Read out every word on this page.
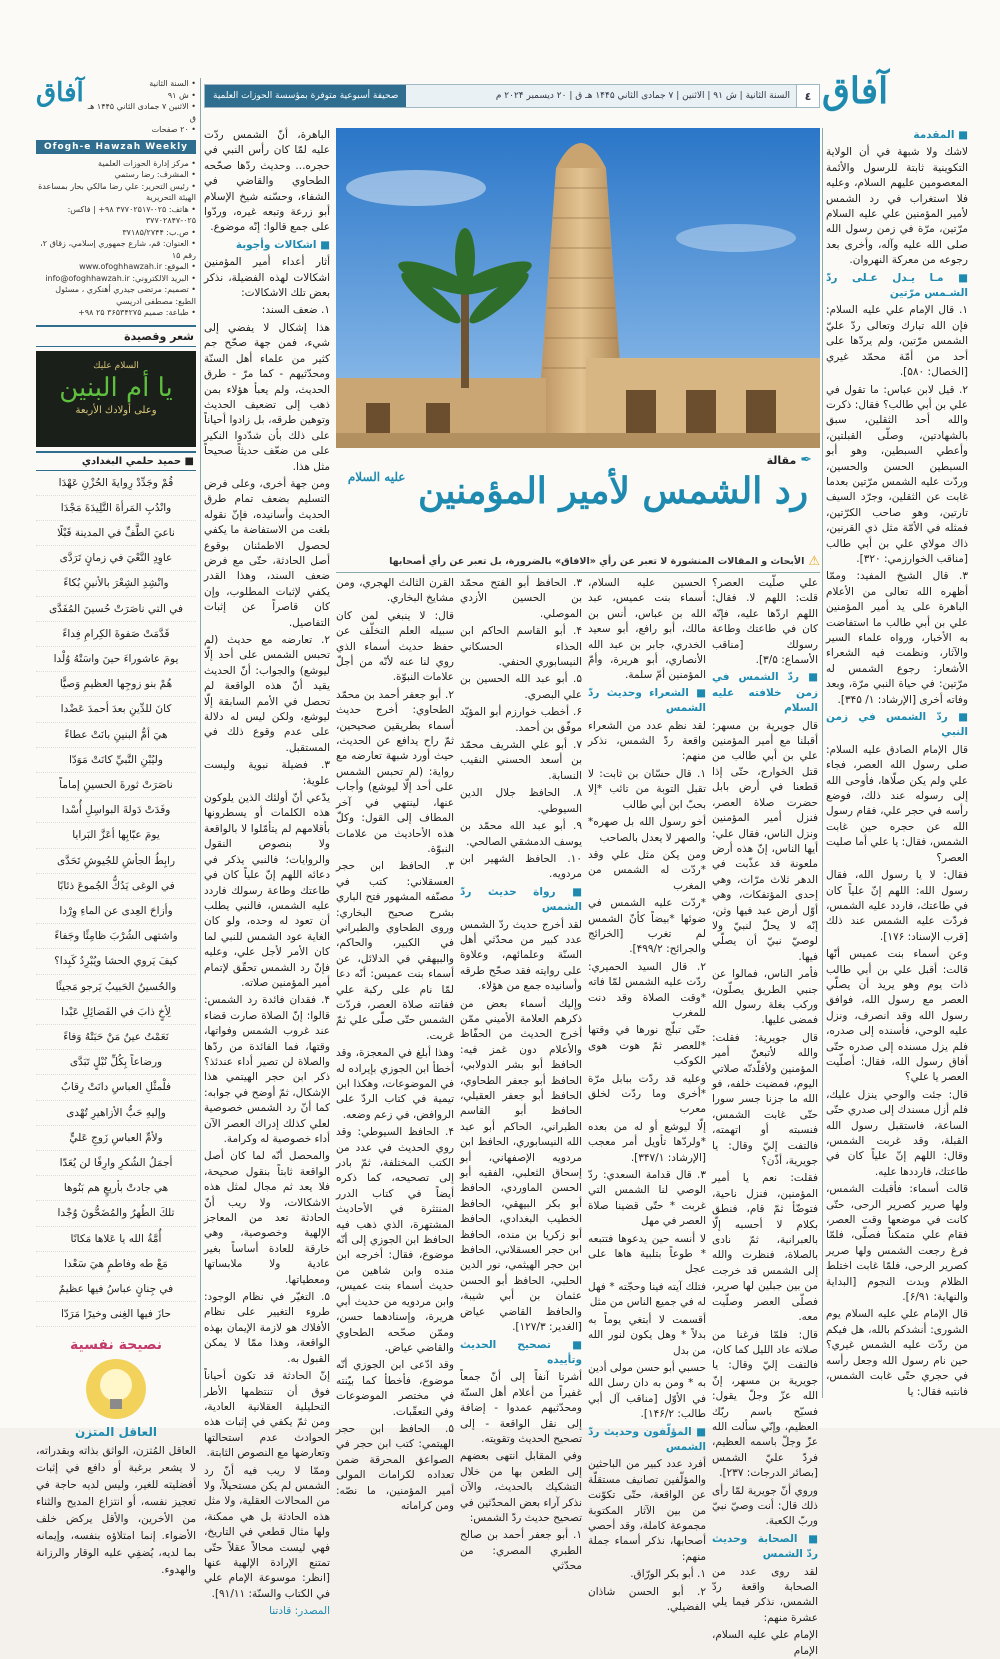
٤
السنة الثانية | ش ۹۱ | الاثنين | ۷ جمادى الثاني ۱۴۴۵ هـ ق | ۲۰ دیسمبر ۲۰۲۴ م
صحيفة أسبوعية متوفرة بمؤسسة الحوزات العلمية	آفاق

■ المقدمة

لاشك ولا شبهة في أن الولاية التكوينية ثابتة للرسول والأئمة المعصومين عليهم السلام، وعليه فلا استغراب في رد الشمس لأمير المؤمنين علي عليه السلام مرّتين، مرّة في زمن رسول الله صلى الله عليه وآله، وأخرى بعد رجوعه من معركة النهروان.

■ مـا يـدل عـلى ردّ الشـمس مرّتين

۱. قال الإمام علي عليه السلام: فإن الله تبارك وتعالى ردّ عليّ الشمس مرّتين، ولم يردّها على أحد من أمّة محمّد غيري [الخصال: ۵۸۰].

۲. قيل لابن عباس: ما تقول في علي بن أبي طالب؟ فقال: ذكرت والله أحد الثقلين، سبق بالشهادتين، وصلّى القبلتين، وأعطي السبطين، وهو أبو السبطين الحسن والحسين، وردّت عليه الشمس مرّتين بعدما غابت عن الثقلين، وجرّد السيف تارتين، وهو صاحب الكرّتين، فمثله في الأمّة مثل ذي القرنين، ذاك مولاي علي بن أبي طالب [مناقب الخوارزمي: ۳۲۰].

۳. قال الشيخ المفيد: وممّا أظهره الله تعالى من الأعلام الباهرة على يد أمير المؤمنين علي بن أبي طالب ما استفاضت به الأخبار، ورواه علماء السير والآثار، ونظمت فيه الشعراء الأشعار: رجوع الشمس له مرّتين: في حياة النبي مرّة، وبعد وفاته أخرى [الإرشاد: ۱/ ۳۴۵].

■ ردّ الشمس في زمن النبي

قال الإمام الصادق عليه السلام: صلى رسول الله العصر، فجاء علي ولم يكن صلّاها، فأوحى الله إلى رسوله عند ذلك، فوضع رأسه في حجر علي، فقام رسول الله عن حجره حين غابت الشمس، فقال: يا علي أما صليت العصر؟

فقال: لا يا رسول الله، فقال رسول الله: اللهم إنّ علياً كان في طاعتك، فاردد عليه الشمس، فردّت عليه الشمس عند ذلك [قرب الإسناد: ۱۷۶].

وعن أسماء بنت عميس أنّها قالت: أقبل علي بن أبي طالب ذات يوم وهو يريد أن يصلّي العصر مع رسول الله، فوافق رسول الله وقد انصرف، ونزل عليه الوحي، فأسنده إلى صدره، فلم يزل مسنده إلى صدره حتّى أفاق رسول الله، فقال: أصلّيت العصر يا علي؟

قال: جئت والوحي ينزل عليك، فلم أزل مسندك إلى صدري حتّى الساعة، فاستقبل رسول الله القبلة، وقد غربت الشمس، وقال: اللهم إنّ علياً كان في طاعتك، فارددها عليه.

قالت أسماء: فأقبلت الشمس، ولها صرير كصرير الرحى، حتّى كانت في موضعها وقت العصر، فقام علي متمكناً فصلّى، فلمّا فرغ رجعت الشمس ولها صرير كصرير الرحى، فلمّا غابت اختلط الظلام وبدت النجوم [البداية والنهاية: ۶/۹۱].

قال الإمام علي عليه السلام يوم الشورى: أنشدكم بالله، هل فيكم من ردّت عليه الشمس غيري؟ حين نام رسول الله وجعل رأسه في حجري حتّى غابت الشمس، فانتبه فقال: يا

✒
مقالة
رد الشمس لأمير المؤمنين $^{عليه السلام}$
⚠
الأبحاث و المقالات المنشورة لا تعبر عن رأي «الافاق» بالضرورة، بل تعبر عن رأي أصحابها

علي صلّيت العصر؟ قلت: اللهم لا. فقال: اللهم اردّها عليه، فإنّه كان في طاعتك وطاعة رسولك [مناقب الأسماع: ۳/۵].

■ ردّ الشمس في زمن خلافته عليه السلام

قال جويرية بن مسهر: أقبلنا مع أمير المؤمنين علي بن أبي طالب من قتل الخوارج، حتّى إذا قطعنا في أرض بابل حضرت صلاة العصر، فنزل أمير المؤمنين ونزل الناس، فقال علي: أيها الناس، إنّ هذه أرض ملعونة قد عذّبت في الدهر ثلاث مرّات، وهي إحدى المؤتفكات، وهي أوّل أرض عبد فيها وثن، إنّه لا يحلّ لنبيّ ولا لوصيّ نبيّ أن يصلّي فيها.

فأمر الناس، فمالوا عن جنبي الطريق يصلّون، وركب بغلة رسول الله فمضى عليها.

قال جويرية: فقلت: والله لأتبعنّ أمير المؤمنين ولأقلّدنّه صلاتي اليوم، فمضيت خلفه، فو الله ما جزنا جسر سورا حتّى غابت الشمس، فنسبته أو اتهمته، فالتفت إليّ وقال: يا جويرية، أذّن؟

فقلت: نعم يا أمير المؤمنين، فنزل ناحية، فتوضّأ ثمّ قام، فنطق بكلام لا أحسبه إلّا بالعبرانية، ثمّ نادى بالصلاة، فنظرت والله إلى الشمس قد خرجت من بين جبلين لها صرير، فصلّى العصر وصلّيت معه.

قال: فلمّا فرغنا من صلاته عاد الليل كما كان، فالتفت إليّ وقال: يا جويرية بن مسهر، إنّ الله عزّ وجلّ يقول: فسبّح باسم ربّك العظيم، وإنّي سألت الله عزّ وجلّ باسمه العظيم، فردّ عليّ الشمس [بصائر الدرجات: ۲۳۷].

وروي أنّ جويرية لمّا رأى ذلك قال: أنت وصيّ نبيّ وربّ الكعبة.

■ الصحابة وحديث ردّ الشمس

لقد روى عدد من الصحابة واقعة ردّ الشمس، نذكر فيما يلي عشرة منهم:

الإمام علي عليه السلام، الإمام

الحسين عليه السلام، أسماء بنت عميس، عبد الله بن عباس، أنس بن مالك، أبو رافع، أبو سعيد الخدري، جابر بن عبد الله الأنصاري، أبو هريرة، وأمّ المؤمنين أمّ سلمة.

■ الشعراء وحديث ردّ الشمس

لقد نظم عدد من الشعراء واقعة ردّ الشمس، نذكر منهم:

۱. قال حسّان بن ثابت: لا تقبل التوبة من تائب *إلا بحبّ ابن أبي طالب

أخو رسول الله بل صهره* والصهر لا يعدل بالصاحب

ومن يكن مثل علي وقد *ردّت له الشمس من المغرب

*ردّت عليه الشمس في ضوئها *بيضاً كأنّ الشمس لم تغرب [الخرائج والجرائح: ۴۹۹/۲].

۲. قال السيد الحميري: ردّت عليه الشمس لمّا فاته *وقت الصلاة وقد دنت للمغرب

حتّى تبلّج نورها في وقتها *للعصر ثمّ هوت هوى الكوكب

وعليه قد ردّت ببابل مرّة *أخرى وما ردّت لخلق معرب

إلّا ليوشع أو له من بعده *ولردّها تأويل أمر معجب [الإرشاد: ۳۴۷/۱].

۳. قال قدامة السعدي: ردّ الوصي لنا الشمس التي غربت * حتّى قضينا صلاة العصر في مهل

لا أنسه حين يدعوها فتتبعه * طوعاً بتلبية هاها على عجل

فتلك آيته فينا وحجّته * فهل له في جميع الناس من مثل

أقسمت لا أبتغي يوماً به بدلاً * وهل يكون لنور الله من بدل

حسبي أبو حسن مولى أدين به * ومن به دان رسل الله في الأوّل [مناقب آل أبي طالب: ۱۴۶/۲].

■ المؤلّفون وحديث ردّ الشمس

أفرد عدد كبير من الباحثين والمؤلّفين تصانيف مستقلّة عن الواقعة، حتّى تكوّنت من بين الآثار المكتوبة مجموعة كاملة، وقد أحصي أصحابها، نذكر أسماء جملة منهم:

۱. أبو بكر الورّاق.

۲. أبو الحسن شاذان الفضيلي.

۳. الحافظ أبو الفتح محمّد بن الحسين الأزدي الموصلي.

۴. أبو القاسم الحاكم ابن الحذاء الحسكاني النيسابوري الحنفي.

۵. أبو عبد الله الحسين بن علي البصري.

۶. أخطب خوارزم أبو المؤيّد موفّق بن أحمد.

۷. أبو علي الشريف محمّد بن أسعد الحسني النقيب النسابة.

۸. الحافظ جلال الدين السيوطي.

۹. أبو عبد الله محمّد بن يوسف الدمشقي الصالحي.

۱۰. الحافظ الشهير ابن مردويه.

■ رواة حديث ردّ الشمس

لقد أخرج حديث ردّ الشمس عدد كبير من محدّثي أهل السنّة وعلمائهم، وعلاوة على روايته فقد صحّح طرقه وأسانيده جمع من هؤلاء.

وإليك أسماء بعض من ذكرهم العلامة الأميني ممّن أخرج الحديث من الحفّاظ والأعلام دون غمز فيه: الحافظ أبو بشر الدولابي، الحافظ أبو جعفر الطحاوي، الحافظ أبو جعفر العقيلي، الحافظ أبو القاسم الطبراني، الحاكم أبو عبد الله النيسابوري، الحافظ ابن مردويه الإصفهاني، أبو إسحاق الثعلبي، الفقيه أبو الحسن الماوردي، الحافظ أبو بكر البيهقي، الحافظ الخطيب البغدادي، الحافظ أبو زكريا بن منده، الحافظ ابن حجر العسقلاني، الحافظ ابن حجر الهيثمي، نور الدين الحلبي، الحافظ أبو الحسن عثمان بن أبي شيبة، والحافظ القاضي عياض [الغدير: ۱۲۷/۳].

■ تصحيح الحديث وتأييده

أشرنا آنفاً إلى أنّ جمعاً غفيراً من أعلام أهل السنّة ومحدّثيهم عمدوا - إضافة إلى نقل الواقعة - إلى تصحيح الحديث وتقويته.

وفي المقابل انتهى بعضهم إلى الطعن بها من خلال التشكيك بالحديث، والآن نذكر آراء بعض المحدّثين في تصحيح حديث ردّ الشمس:

۱. أبو جعفر أحمد بن صالح الطبري المصري: من محدّثي

القرن الثالث الهجري، ومن مشايخ البخاري.

قال: لا ينبغي لمن كان سبيله العلم التخلّف عن حفظ حديث أسماء الذي روي لنا عنه لأنّه من أجلّ علامات النبوّة.

۲. أبو جعفر أحمد بن محمّد الطحاوي: أخرج حديث أسماء بطريقين صحيحين، ثمّ راح يدافع عن الحديث، حيث أورد شبهة تعارضه مع رواية: (لم تحبس الشمس على أحد إلّا ليوشع) وأجاب عنها، لينتهي في آخر المطاف إلى القول: وكلّ هذه الأحاديث من علامات النبوّة.

۳. الحافظ ابن حجر العسقلاني: كتب في مصنّفه المشهور فتح الباري بشرح صحيح البخاري: وروى الطحاوي والطبراني في الكبير، والحاكم، والبيهقي في الدلائل، عن أسماء بنت عميس: أنّه دعا لمّا نام على ركبة علي ففاتته صلاة العصر، فردّت الشمس حتّى صلّى علي ثمّ غربت.

وهذا أبلغ في المعجزة، وقد أخطأ ابن الجوزي بإيراده له في الموضوعات، وهكذا ابن تيمية في كتاب الردّ على الروافض، في زعم وضعه.

۴. الحافظ السيوطي: وقد روي الحديث في عدد من الكتب المختلفة، ثمّ بادر إلى تصحيحه، كما ذكره أيضاً في كتاب الدرر المنتثرة في الأحاديث المشتهرة، الذي ذهب فيه الحافظ ابن الجوزي إلى أنّه موضوع، فقال: أخرجه ابن منده وابن شاهين من حديث أسماء بنت عميس، وابن مردويه من حديث أبي هريرة، وإسنادهما حسن، وممّن صحّحه الطحاوي والقاضي عياض.

وقد ادّعى ابن الجوزي أنّه موضوع، فأخطأ كما بيّنته في مختصر الموضوعات وفي التعقّبات.

۵. الحافظ ابن حجر الهيتمي: كتب ابن حجر في الصواعق المحرقة ضمن تعداده لكرامات المولى أمير المؤمنين، ما نصّه: ومن كراماته

الباهرة، أنّ الشمس ردّت عليه لمّا كان رأس النبي في حجره... وحديث ردّها صحّحه الطحاوي والقاضي في الشفاء، وحسّنه شيخ الإسلام أبو زرعة وتبعه غيره، وردّوا على جمع قالوا: إنّه موضوع.

■ اشكالات وأجوبة

أثار أعداء أمير المؤمنين اشكالات لهذه الفضيلة، نذكر بعض تلك الاشكالات:

۱. ضعف السند:

هذا إشكال لا يفضي إلى شيء، فمن جهة صحّح جم كثير من علماء أهل السنّة ومحدّثيهم - كما مرّ - طرق الحديث، ولم يعبأ هؤلاء بمن ذهب إلى تضعيف الحديث وتوهين طرقه، بل زادوا أحياناً على ذلك بأن شدّدوا النكير على من ضعّف حديثاً صحيحاً مثل هذا.

ومن جهة أخرى، وعلى فرض التسليم بضعف تمام طرق الحديث وأسانيده، فإنّ نقوله بلغت من الاستفاضة ما يكفي لحصول الاطمئنان بوقوع أصل الحادثة، حتّى مع فرض ضعف السند، وهذا القدر يكفي لإثبات المطلوب، وإن كان قاصراً عن إثبات التفاصيل.

۲. تعارضه مع حديث (لم تحبس الشمس على أحد إلّا ليوشع) والجواب: أنّ الحديث يقيد أنّ هذه الواقعة لم تحصل في الأمم السابقة إلّا ليوشع، ولكن ليس له دلالة على عدم وقوع ذلك في المستقبل.

۳. فضيلة نبوية وليست علوية:

يدّعي أنّ أولئك الذين يلوكون هذه الكلمات أو يسطرونها بأقلامهم لم يتأمّلوا لا بالواقعة ولا بنصوص النقول والروايات؛ فالنبي يذكر في دعائه اللهم إنّ علياً كان في طاعتك وطاعة رسولك فاردد عليه الشمس، فالنبي يطلب أن تعود له وحده، ولو كان الغاية عود الشمس للنبي لما كان الأمر لأجل علي، وعليه فإنّ رد الشمس تحقّق لإتمام أمير المؤمنين صلاته.

۴. فقدان فائدة رد الشمس: قالوا: إنّ الصلاة صارت قضاء عند غروب الشمس وفواتها، وقتها، فما الفائدة من ردّها والصلاة لن تصير أداء عندئذ؟ ذكر ابن حجر الهيتمي هذا الإشكال، ثمّ أوضح في جوابه: كما أنّ رد الشمس خصوصية لعلي كذلك إدراك العصر الآن أداء خصوصية له وكرامة.

والمحصل أنّه لما كان أصل الواقعة ثابتاً بنقول صحيحة، فلا يعد ثم مجال لمثل هذه الاشكالات، ولا ريب أنّ الحادثة تعد من المعاجز الإلهية وخصوصية، وهي خارقة للعادة أساساً بغير عادية ولا ملابساتها ومعطياتها.

۵. التغيّر في نظام الوجود: طروء التغيير على نظام الأفلاك هو لازمة الإيمان بهذه الواقعة، وهذا ممّا لا يمكن القبول به.

إنّ الحادثة قد تكون أحياناً فوق أن تنتظمها الأطر التحليلية العقلانية العادية، ومن ثمّ يكفي في إثبات هذه الحوادث عدم استحالتها وتعارضها مع النصوص الثابتة.

وممّا لا ريب فيه أنّ رد الشمس لم يكن مستحيلاً، ولا من المحالات العقلية، ولا مثل هذه الحادثة بل هي ممكنة، ولها مثال قطعي في التاريخ، فهي ليست محالاً عقلاً حتّى تمتنع الإرادة الإلهية عنها [انظر: موسوعة الإمام علي في الكتاب والسنّة: ۹۱/۱۱].

المصدر: قادتنا

• السنة الثانية
• ش ۹۱
• الاثنين ۷ جمادى الثاني ۱۴۴۵ هـ ق
• ٢٠ صفحات
آفاق
Ofogh-e Hawzah Weekly
• مركز إدارة الحوزات العلمية
• المشرف: رضا رستمي
• رئيس التحرير: علي رضا مالكي بحار بمساعدة الهيئة التحريرية
• هاتف: ۰۲۵-۳۷۷۰۲۵۱۷ ۹۸+ | فاكس: ۰۲۵-۳۷۷۰۲۸۴۷
• ص.ب: ۳۷۱۸۵/۲۷۴۴
• العنوان: قم، شارع جمهوري إسلامي، زقاق ۲، رقم ۱۵
• الموقع: www.ofoghhawzah.ir
• البريد الالكتروني: info@ofoghhawzah.ir
• تصميم: مرتضى جيدري أهنكري ، مسئول الطبع: مصطفى ادريسي
• طباعة: صميم ۳۶۵۳۴۲۷۵ ۲۵ ۹۸+
شعر وقصيدة
السلام عليك
يا أم البنين
وعلى أولادك الأربعة
■ حميد حلمي البغدادي
قُمْ وجَدِّدْ رِوايةَ الحُزْنِ عَهْدَا
وانْدُبِ المَرأةَ التَّلِيدَةَ مَجْدَا
ناعيَ الطَّفِّ في المدينة قَبْلًا
عاوِدِ النَّعْيَ في زمانٍ تَرَدَّى
وانْشِدِ الشِعْرَ بالأنينِ بُكاءً
في التي ناصَرَتْ حُسينَ المُفَدَّى
قَدَّمَتْ صَفوةَ الكِرامِ فِداءً
يومَ عاشوراءَ حينَ واسَتْهُ وُلْدا
هُمْ بنو زوجِها العظيمِ وَصيًّا
كانَ للدِّينِ بعدَ أحمدَ عَضْدا
هيَ أمُّ البنينِ بانَتْ عطاءً
وليُبْنِ النَّبيِّ كانَتْ مَوَدّا
ناصَرَتْ ثورةَ الحسينِ إماماً
وفَدَتْ دَولةَ البواسِلِ أُسْدا
يومَ عبّابِها أعَزَّ البَرايا
رابِطُ الجأشِ للجُيوشِ تَحَدَّى
في الوغى يَدُكُّ الجُموعَ ذئابًا
وأزاحَ العِدى عن الماءِ وِرْدا
واشتهى الشُرْبَ ظامِئًا وجَفاءً
كيفَ يَروي الحشا ويُبْرِدُ كَبِدا؟
والحُسينُ الحَبيبُ يَرجو مَجيئًا
لِأخٍ ذابَ في الفَضائِلِ عَبْدا
نَعَمْتُ عينُ مَنْ حَبَتْهُ وَفاءً
ورضاعاً بِكُلِّ نُبْلٍ تَبَدَّى
فلْمثْلِ العباسِ دانَتْ رِقابٌ
وإليهِ حَبُّ الأزاهيرِ تُهْدى
ولأمِّ العباسِ زَوجِ عَليٍّ
أجمَلُ الشُكرِ وارِفًا لن يُعَدّا
هي جادتْ بأربعٍ هم بَنُوها
تلكَ الطُهرُ والمُضَحُّونَ وُجْدا
أُمَّةُ الله يا عَلاها مَكانًا
مَعْ طه وفاطمٍ هيَ سَعْدا
في جِنانٍ عباسُ فيها عظيمٌ
حازَ فيها الغِنى وخيرًا مَرَدّا
نصيحة نفسية
العاقل المتزن
العاقل المُتزن، الواثق بذاته وبقدراته، لا يشعر برغبة أو دافع في إثبات أفضليته للغير، وليس لديه حاجة في تعجيز نفسه، أو انتزاع المديح والثناء من الأخرين، والأقل يركض خلف الأضواء. إنما امتلاؤه بنفسه، وإيمانه بما لديه، يُضفِي عليه الوقار والرزانة والهدوء.
